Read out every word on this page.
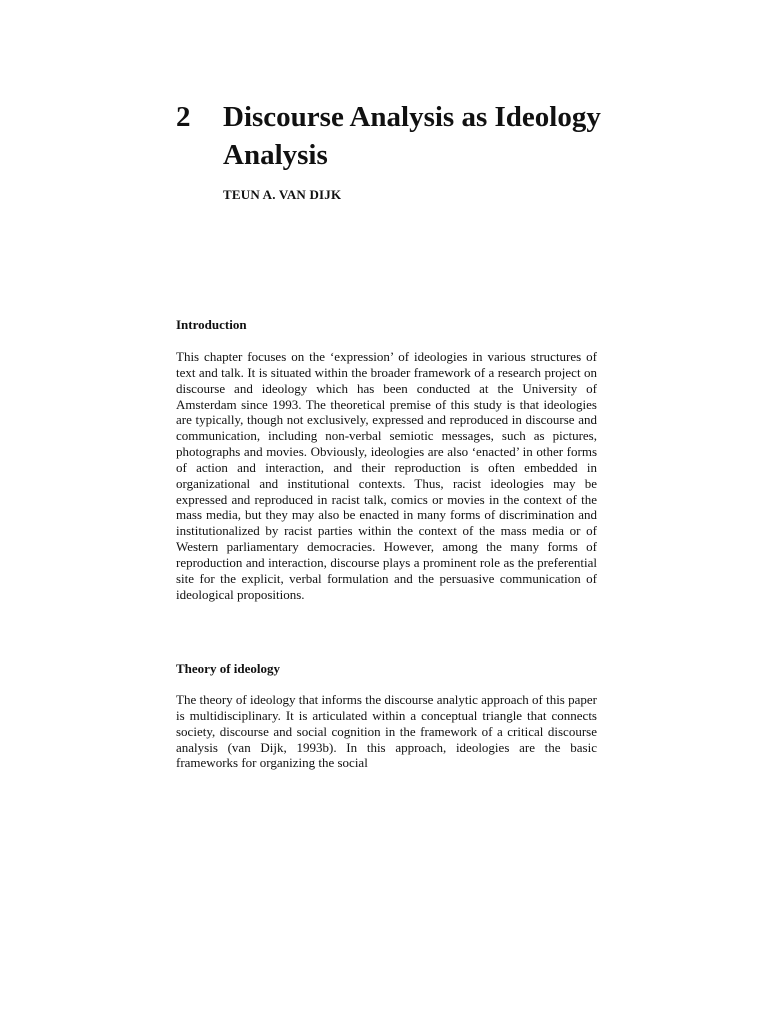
2	Discourse Analysis as Ideology Analysis
TEUN A. VAN DIJK
Introduction

This chapter focuses on the ‘expression’ of ideologies in various structures of text and talk. It is situated within the broader framework of a research project on discourse and ideology which has been conducted at the University of Amsterdam since 1993. The theoretical premise of this study is that ideologies are typically, though not exclusively, expressed and reproduced in discourse and communication, including non-verbal semiotic messages, such as pictures, photographs and movies. Obviously, ideologies are also ‘enacted’ in other forms of action and interaction, and their reproduction is often embedded in organizational and institutional contexts. Thus, racist ideologies may be expressed and reproduced in racist talk, comics or movies in the context of the mass media, but they may also be enacted in many forms of discrimination and institutionalized by racist parties within the context of the mass media or of Western parliamentary democracies. However, among the many forms of reproduction and interaction, discourse plays a prominent role as the preferential site for the explicit, verbal formulation and the persuasive communication of ideological propositions.

Theory of ideology

The theory of ideology that informs the discourse analytic approach of this paper is multidisciplinary. It is articulated within a conceptual triangle that connects society, discourse and social cognition in the framework of a critical discourse analysis (van Dijk, 1993b). In this approach, ideologies are the basic frameworks for organizing the social
